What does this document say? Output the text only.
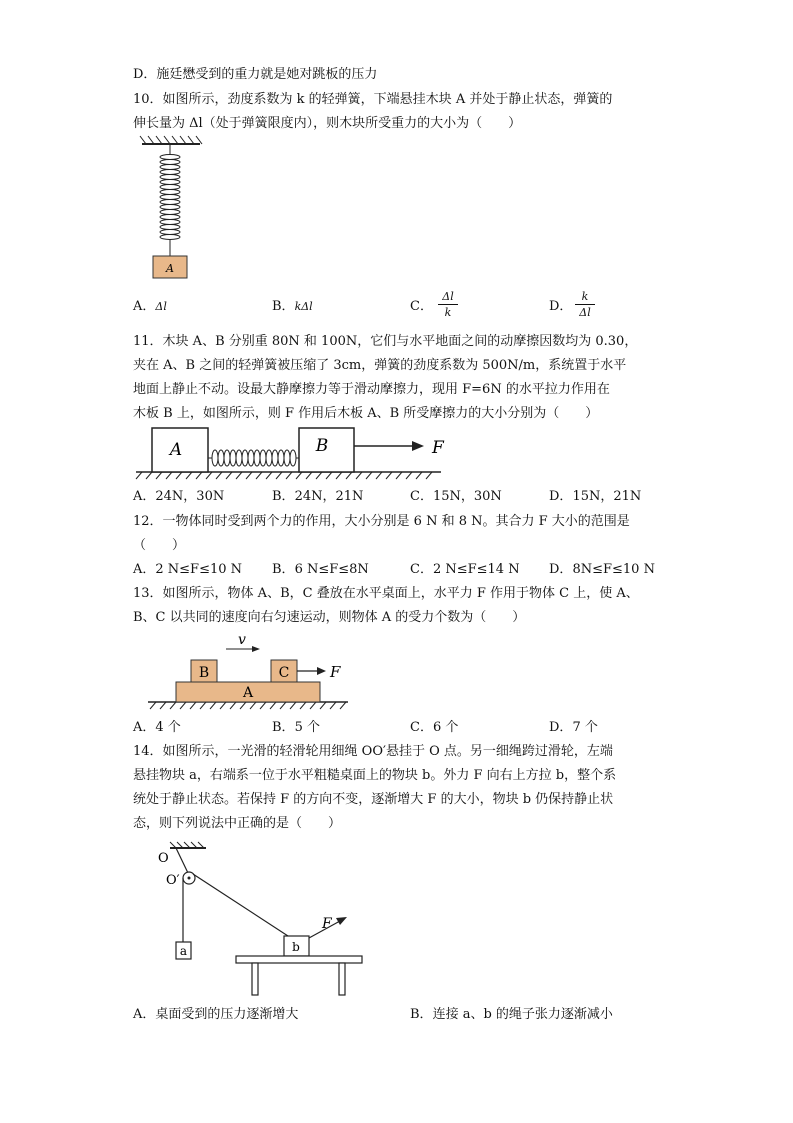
D．施廷懋受到的重力就是她对跳板的压力
10．如图所示，劲度系数为 k 的轻弹簧，下端悬挂木块 A 并处于静止状态，弹簧的
伸长量为 Δl（处于弹簧限度内），则木块所受重力的大小为（　　）
A
A．Δl	B．kΔl	C．
Δl
k	D．
k
Δl
11．木块 A、B 分别重 80N 和 100N，它们与水平地面之间的动摩擦因数均为 0.30，
夹在 A、B 之间的轻弹簧被压缩了 3cm，弹簧的劲度系数为 500N/m，系统置于水平
地面上静止不动。设最大静摩擦力等于滑动摩擦力，现用 F=6N 的水平拉力作用在
木板 B 上，如图所示，则 F 作用后木板 A、B 所受摩擦力的大小分别为（　　）
A	B	F
A．24N，30N	B．24N，21N	C．15N，30N	D．15N，21N
12．一物体同时受到两个力的作用，大小分别是 6 N 和 8 N。其合力 F 大小的范围是
（　　）
A．2 N≤F≤10 N B．6 N≤F≤8N	C．2 N≤F≤14 N D．8N≤F≤10 N
13．如图所示，物体 A、B，C 叠放在水平桌面上，水平力 F 作用于物体 C 上，使 A、
B、C 以共同的速度向右匀速运动，则物体 A 的受力个数为（　　）
A
B	C
v
F
A．4 个	B．5 个	C．6 个	D．7 个
14．如图所示，一光滑的轻滑轮用细绳 OO′悬挂于 O 点。另一细绳跨过滑轮，左端
悬挂物块 a，右端系一位于水平粗糙桌面上的物块 b。外力 F 向右上方拉 b，整个系
统处于静止状态。若保持 F 的方向不变，逐渐增大 F 的大小，物块 b 仍保持静止状
态，则下列说法中正确的是（　　）
O
O′
a	b
F
A．桌面受到的压力逐渐增大	B．连接 a、b 的绳子张力逐渐减小
